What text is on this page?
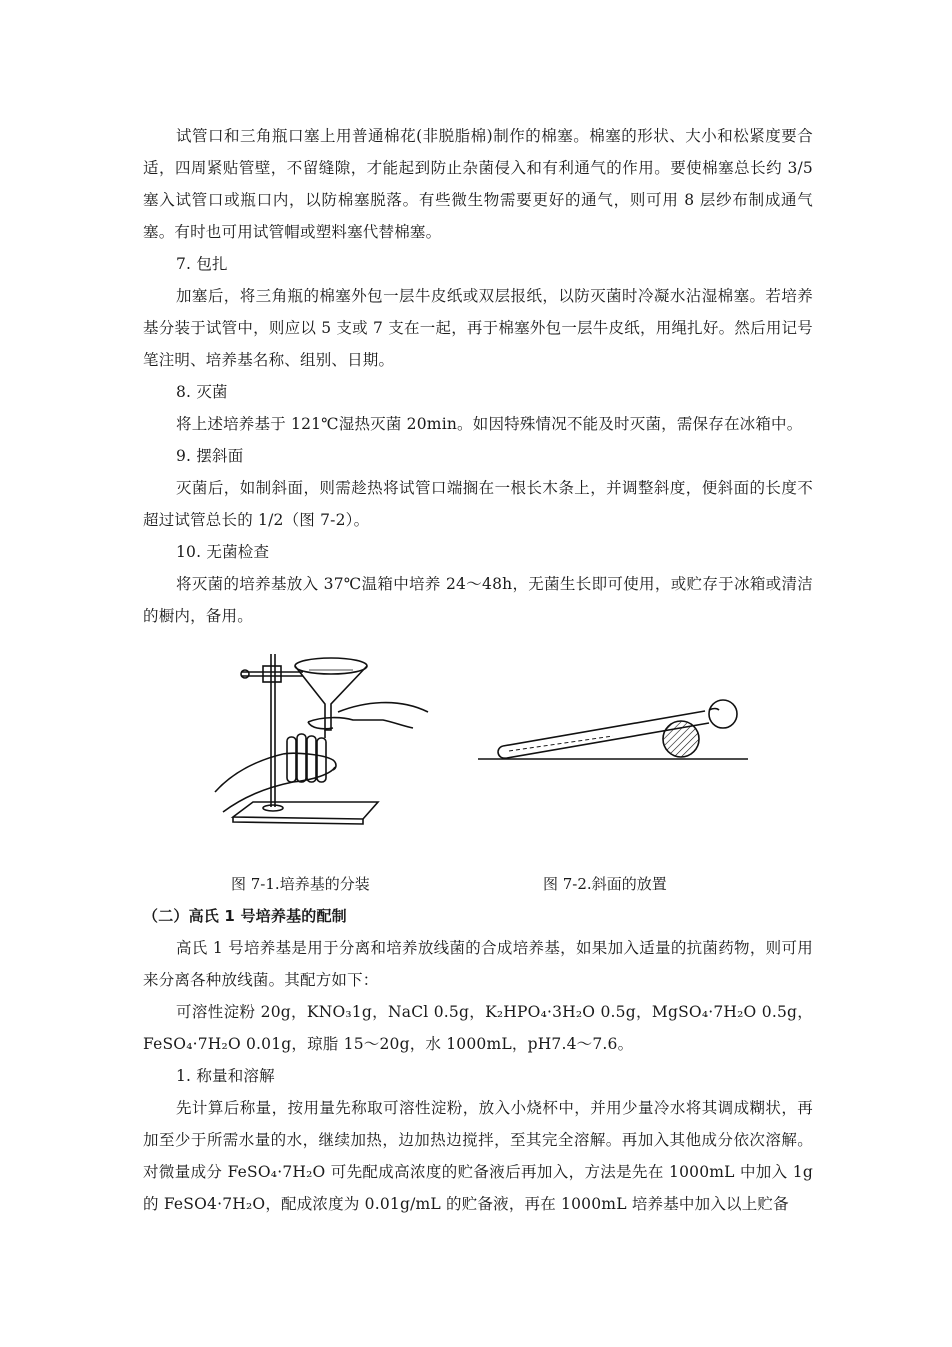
试管口和三角瓶口塞上用普通棉花(非脱脂棉)制作的棉塞。棉塞的形状、大小和松紧度要合适，四周紧贴管壁，不留缝隙，才能起到防止杂菌侵入和有利通气的作用。要使棉塞总长约 3/5 塞入试管口或瓶口内，以防棉塞脱落。有些微生物需要更好的通气，则可用 8 层纱布制成通气塞。有时也可用试管帽或塑料塞代替棉塞。

7. 包扎

加塞后，将三角瓶的棉塞外包一层牛皮纸或双层报纸，以防灭菌时冷凝水沾湿棉塞。若培养基分装于试管中，则应以 5 支或 7 支在一起，再于棉塞外包一层牛皮纸，用绳扎好。然后用记号笔注明、培养基名称、组别、日期。

8. 灭菌

将上述培养基于 121℃湿热灭菌 20min。如因特殊情况不能及时灭菌，需保存在冰箱中。

9. 摆斜面

灭菌后，如制斜面，则需趁热将试管口端搁在一根长木条上，并调整斜度，便斜面的长度不超过试管总长的 1/2（图 7-2）。

10. 无菌检查

将灭菌的培养基放入 37℃温箱中培养 24～48h，无菌生长即可使用，或贮存于冰箱或清洁的橱内，备用。

图 7-1.培养基的分装	图 7-2.斜面的放置

（二）高氏 1 号培养基的配制

高氏 1 号培养基是用于分离和培养放线菌的合成培养基，如果加入适量的抗菌药物，则可用来分离各种放线菌。其配方如下：

可溶性淀粉 20g，KNO₃1g，NaCl 0.5g，K₂HPO₄·3H₂O 0.5g，MgSO₄·7H₂O 0.5g，FeSO₄·7H₂O 0.01g，琼脂 15～20g，水 1000mL，pH7.4～7.6。

1. 称量和溶解

先计算后称量，按用量先称取可溶性淀粉，放入小烧杯中，并用少量冷水将其调成糊状，再加至少于所需水量的水，继续加热，边加热边搅拌，至其完全溶解。再加入其他成分依次溶解。对微量成分 FeSO₄·7H₂O 可先配成高浓度的贮备液后再加入，方法是先在 1000mL 中加入 1g 的 FeSO4·7H₂O，配成浓度为 0.01g/mL 的贮备液，再在 1000mL 培养基中加入以上贮备
